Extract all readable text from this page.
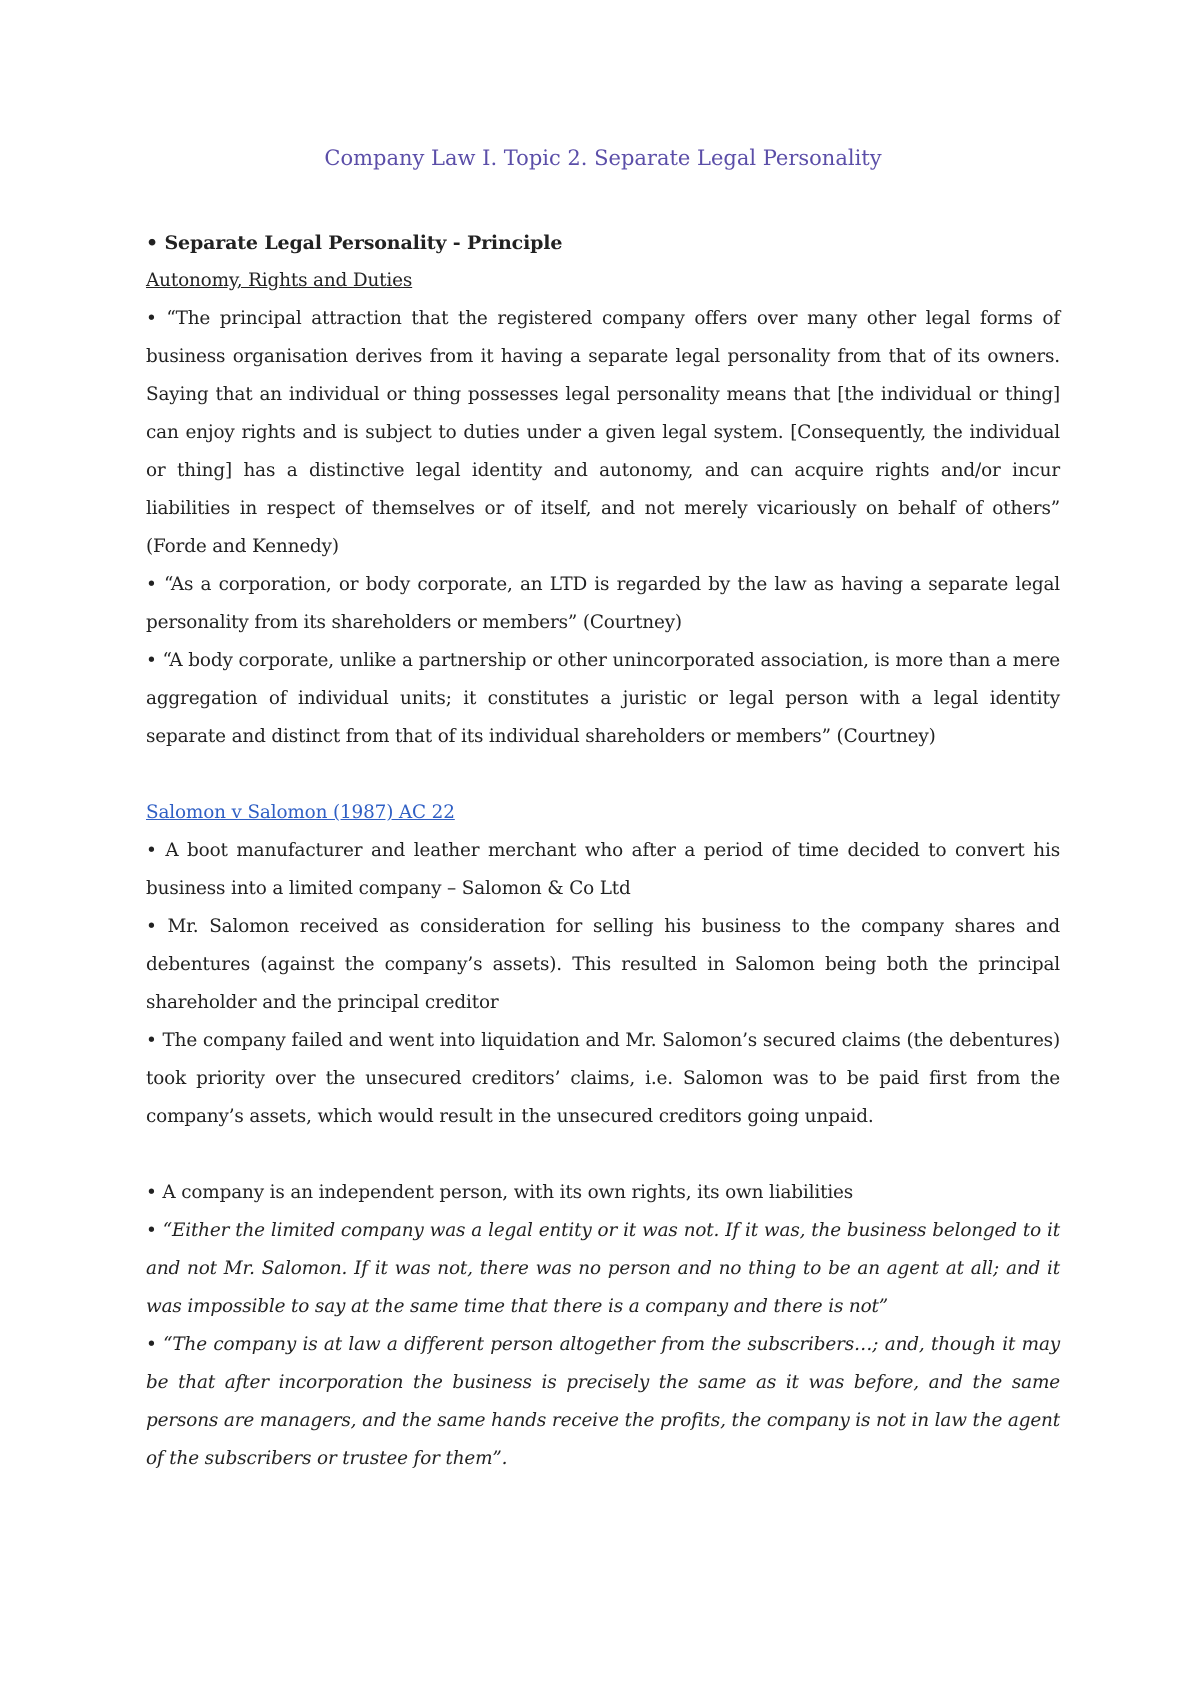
Company Law I. Topic 2. Separate Legal Personality

• Separate Legal Personality - Principle

Autonomy, Rights and Duties

• “The principal attraction that the registered company offers over many other legal forms of business organisation derives from it having a separate legal personality from that of its owners. Saying that an individual or thing possesses legal personality means that [the individual or thing] can enjoy rights and is subject to duties under a given legal system. [Consequently, the individual or thing] has a distinctive legal identity and autonomy, and can acquire rights and/or incur liabilities in respect of themselves or of itself, and not merely vicariously on behalf of others” (Forde and Kennedy)

• “As a corporation, or body corporate, an LTD is regarded by the law as having a separate legal personality from its shareholders or members” (Courtney)

• “A body corporate, unlike a partnership or other unincorporated association, is more than a mere aggregation of individual units; it constitutes a juristic or legal person with a legal identity separate and distinct from that of its individual shareholders or members” (Courtney)

Salomon v Salomon (1987) AC 22

• A boot manufacturer and leather merchant who after a period of time decided to convert his business into a limited company – Salomon & Co Ltd

• Mr. Salomon received as consideration for selling his business to the company shares and debentures (against the company’s assets). This resulted in Salomon being both the principal shareholder and the principal creditor

• The company failed and went into liquidation and Mr. Salomon’s secured claims (the debentures) took priority over the unsecured creditors’ claims, i.e. Salomon was to be paid first from the company’s assets, which would result in the unsecured creditors going unpaid.

• A company is an independent person, with its own rights, its own liabilities

• “Either the limited company was a legal entity or it was not. If it was, the business belonged to it and not Mr. Salomon. If it was not, there was no person and no thing to be an agent at all; and it was impossible to say at the same time that there is a company and there is not”

• “The company is at law a different person altogether from the subscribers…; and, though it may be that after incorporation the business is precisely the same as it was before, and the same persons are managers, and the same hands receive the profits, the company is not in law the agent of the subscribers or trustee for them”.
